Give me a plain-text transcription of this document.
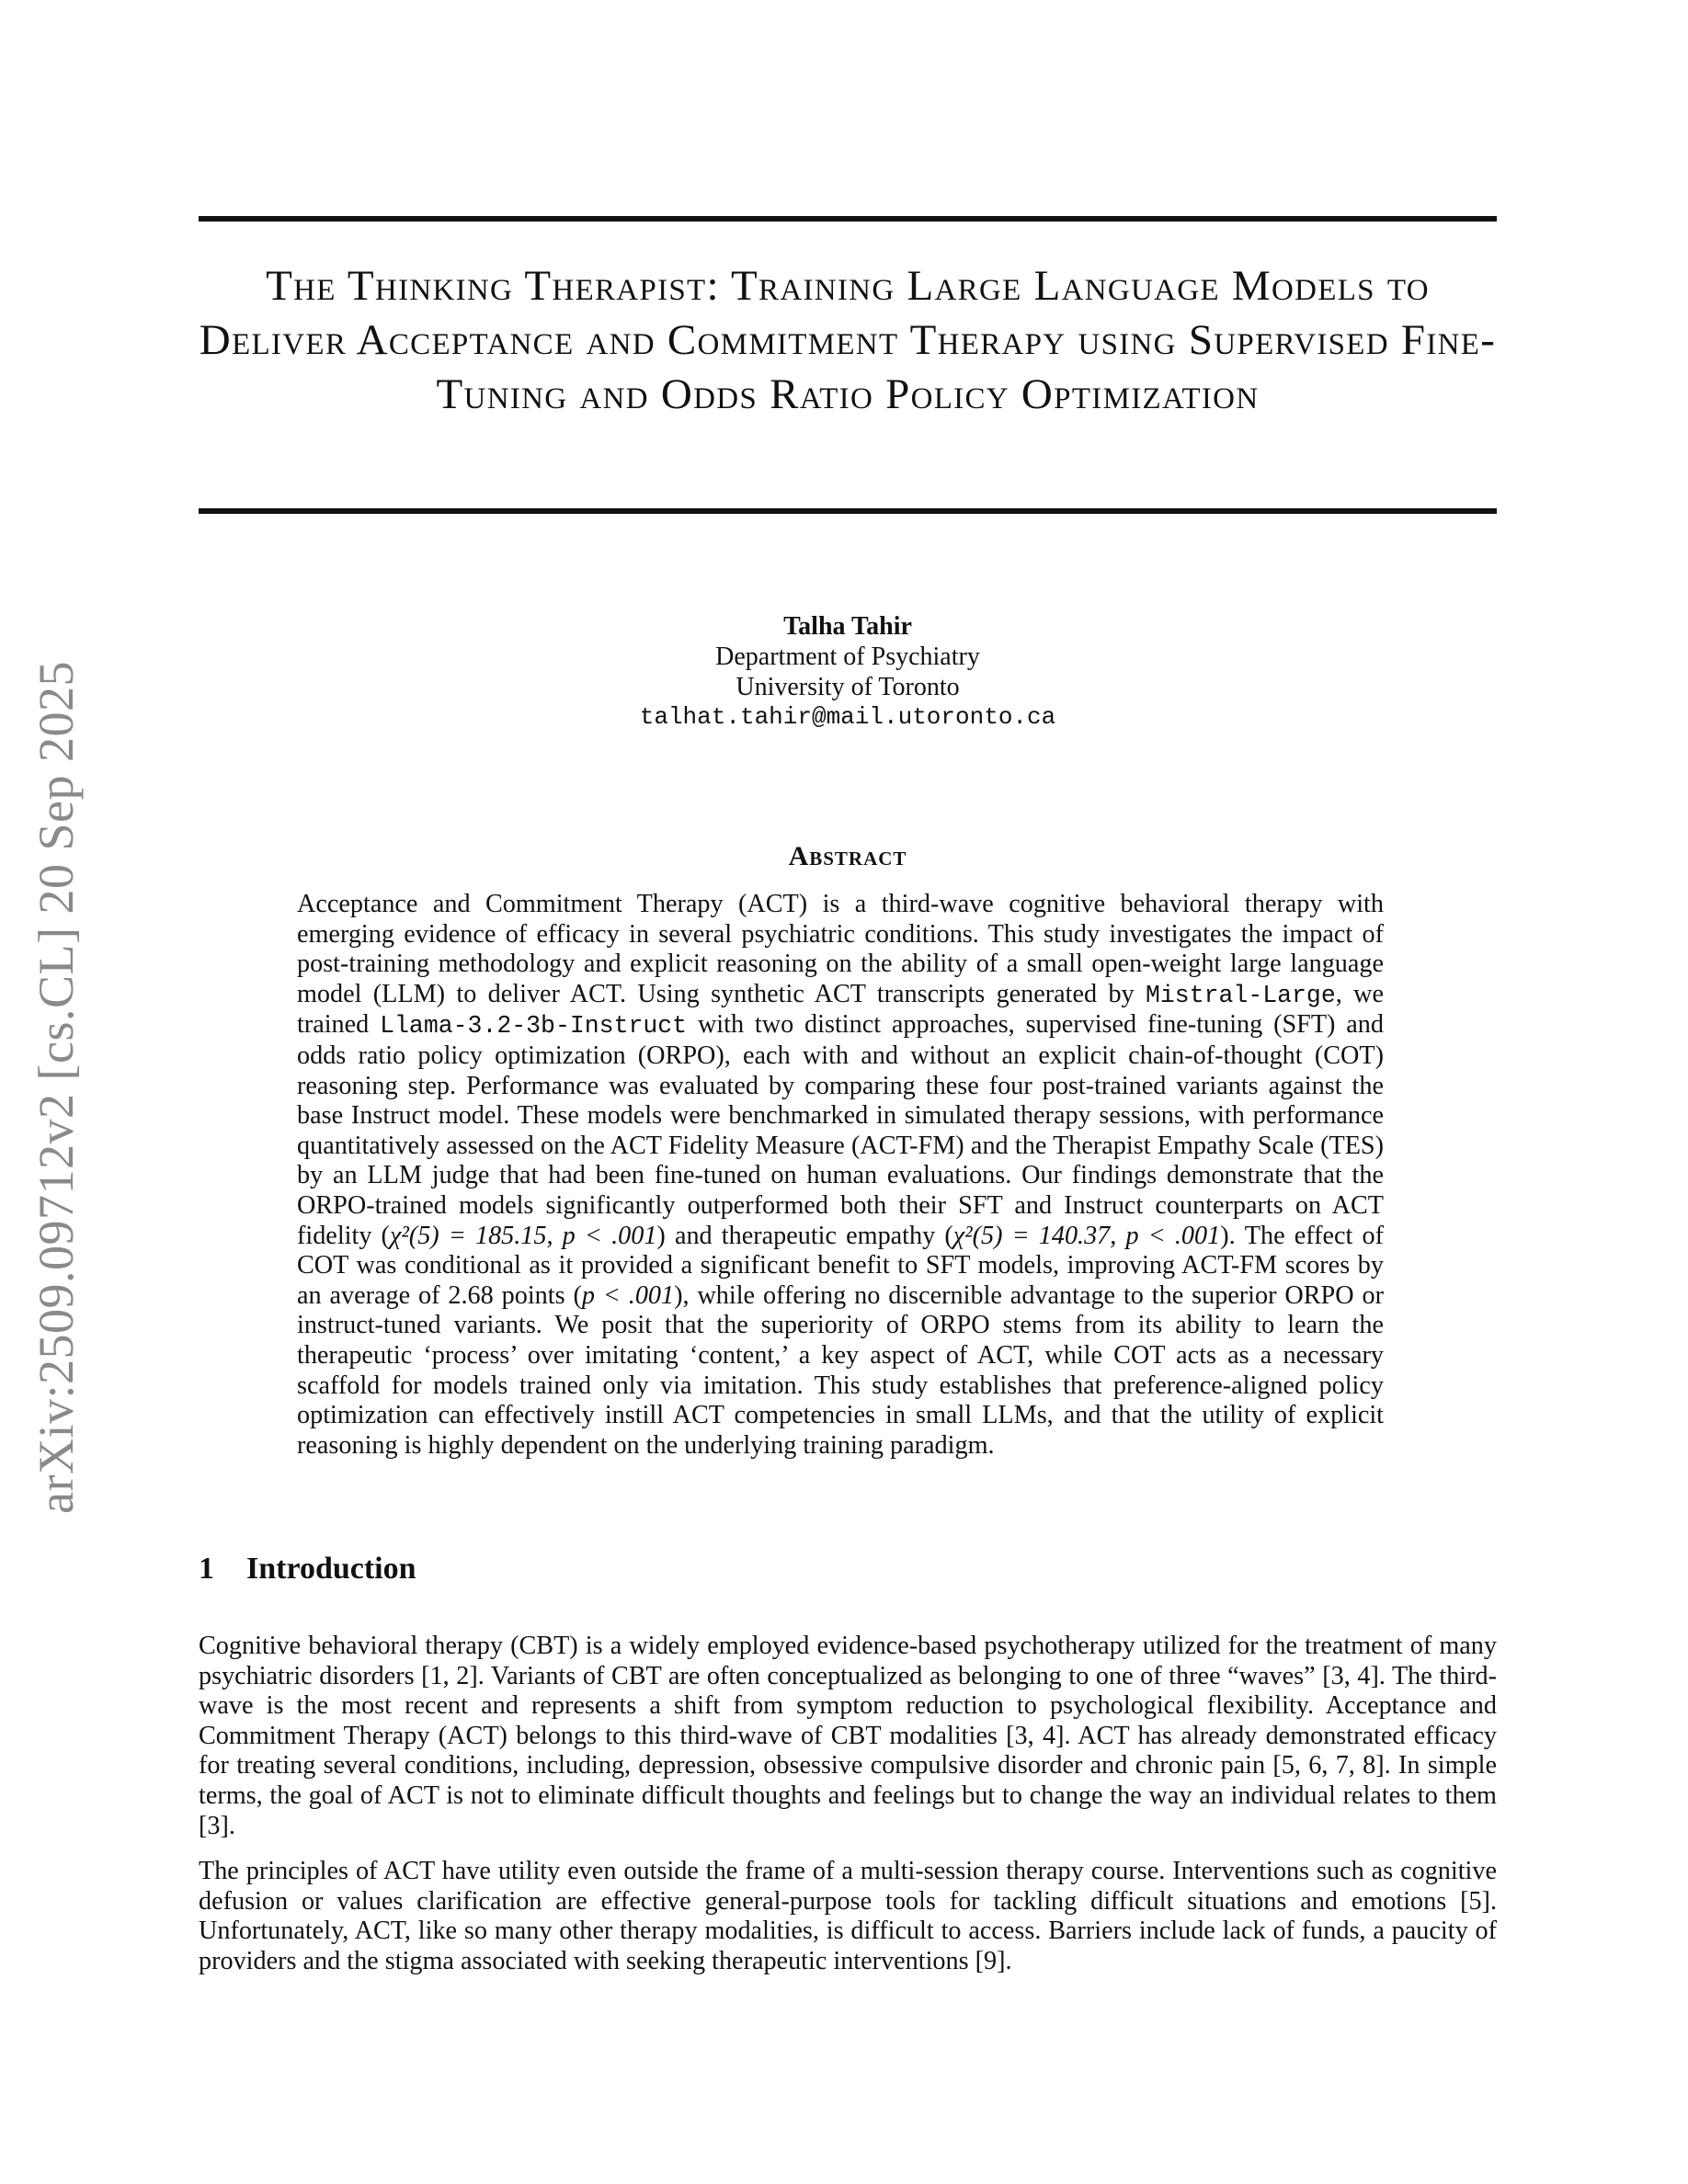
arXiv:2509.09712v2 [cs.CL] 20 Sep 2025
The Thinking Therapist: Training Large Language Models to Deliver Acceptance and Commitment Therapy using Supervised Fine-Tuning and Odds Ratio Policy Optimization
Talha Tahir
Department of Psychiatry
University of Toronto
talhat.tahir@mail.utoronto.ca
Abstract

Acceptance and Commitment Therapy (ACT) is a third-wave cognitive behavioral therapy with emerging evidence of efficacy in several psychiatric conditions. This study investigates the impact of post-training methodology and explicit reasoning on the ability of a small open-weight large language model (LLM) to deliver ACT. Using synthetic ACT transcripts generated by Mistral-Large, we trained Llama-3.2-3b-Instruct with two distinct approaches, supervised fine-tuning (SFT) and odds ratio policy optimization (ORPO), each with and without an explicit chain-of-thought (COT) reasoning step. Performance was evaluated by comparing these four post-trained variants against the base Instruct model. These models were benchmarked in simulated therapy sessions, with performance quantitatively assessed on the ACT Fidelity Measure (ACT-FM) and the Therapist Empathy Scale (TES) by an LLM judge that had been fine-tuned on human evaluations. Our findings demonstrate that the ORPO-trained models significantly outperformed both their SFT and Instruct counterparts on ACT fidelity (χ²(5) = 185.15, p < .001) and therapeutic empathy (χ²(5) = 140.37, p < .001). The effect of COT was conditional as it provided a significant benefit to SFT models, improving ACT-FM scores by an average of 2.68 points (p < .001), while offering no discernible advantage to the superior ORPO or instruct-tuned variants. We posit that the superiority of ORPO stems from its ability to learn the therapeutic ‘process’ over imitating ‘content,’ a key aspect of ACT, while COT acts as a necessary scaffold for models trained only via imitation. This study establishes that preference-aligned policy optimization can effectively instill ACT competencies in small LLMs, and that the utility of explicit reasoning is highly dependent on the underlying training paradigm.

1 Introduction

Cognitive behavioral therapy (CBT) is a widely employed evidence-based psychotherapy utilized for the treatment of many psychiatric disorders [1, 2]. Variants of CBT are often conceptualized as belonging to one of three “waves” [3, 4]. The third-wave is the most recent and represents a shift from symptom reduction to psychological flexibility. Acceptance and Commitment Therapy (ACT) belongs to this third-wave of CBT modalities [3, 4]. ACT has already demonstrated efficacy for treating several conditions, including, depression, obsessive compulsive disorder and chronic pain [5, 6, 7, 8]. In simple terms, the goal of ACT is not to eliminate difficult thoughts and feelings but to change the way an individual relates to them [3].

The principles of ACT have utility even outside the frame of a multi-session therapy course. Interventions such as cognitive defusion or values clarification are effective general-purpose tools for tackling difficult situations and emotions [5]. Unfortunately, ACT, like so many other therapy modalities, is difficult to access. Barriers include lack of funds, a paucity of providers and the stigma associated with seeking therapeutic interventions [9].
